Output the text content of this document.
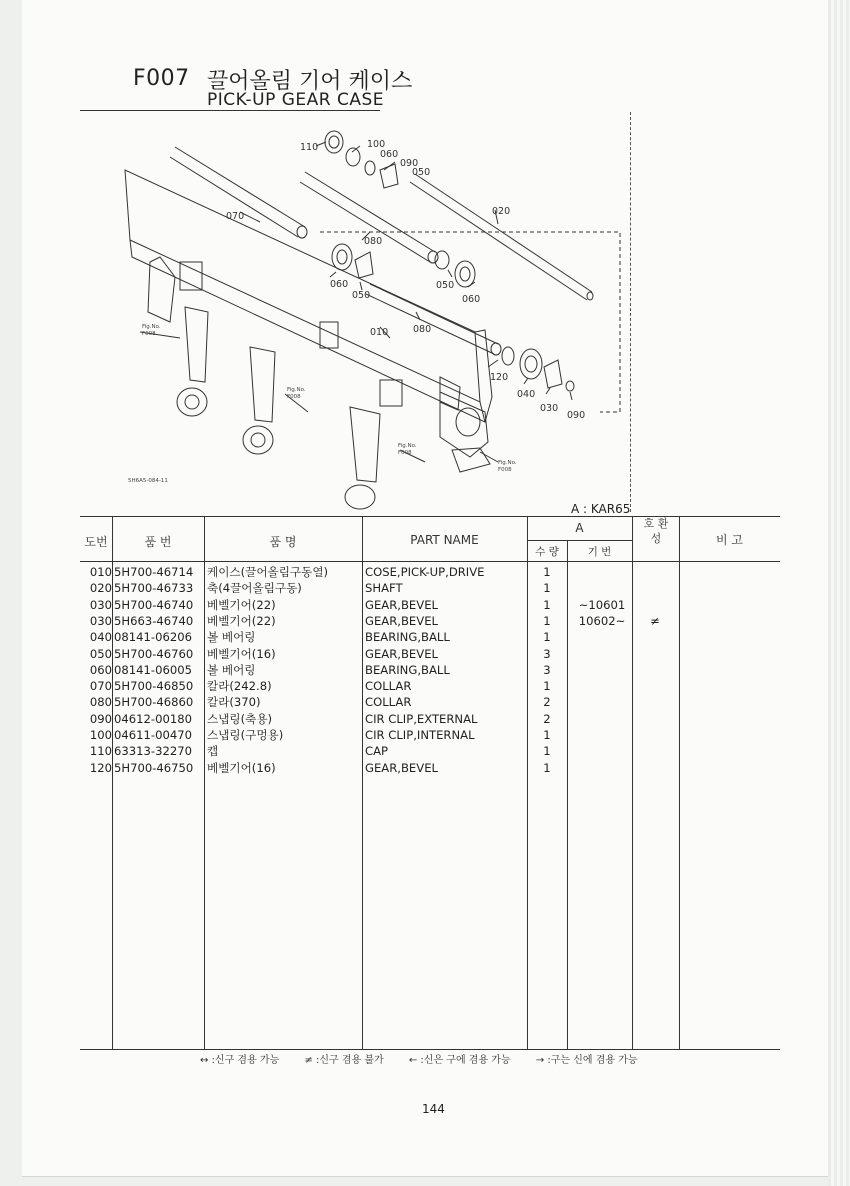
F007 끌어올림 기어 케이스
PICK-UP GEAR CASE
110	100
060
090
050
020
070
080
060
050
050
060
010	080
120
040
030
090
Fig.No.
F008
Fig.No.
F008
Fig.No.
F008
Fig.No.
F008
5H6A5-084-11
A : KAR65
도번	품 번	품 명	PART NAME
A
수 량	기 번
호 환 성	비 고
010 5H700-46714 케이스(끌어올림구동열)	COSE,PICK-UP,DRIVE	1
020 5H700-46733 축(4끌어올림구동)	SHAFT	1
030 5H700-46740 베벨기어(22)	GEAR,BEVEL	1	~10601
030 5H663-46740 베벨기어(22)	GEAR,BEVEL	1	10602~	≠
040 08141-06206 볼 베어링	BEARING,BALL	1
050 5H700-46760 베벨기어(16)	GEAR,BEVEL	3
060 08141-06005 볼 베어링	BEARING,BALL	3
070 5H700-46850 칼라(242.8)	COLLAR	1
080 5H700-46860 칼라(370)	COLLAR	2
090 04612-00180 스냅링(축용)	CIR CLIP,EXTERNAL	2
100 04611-00470 스냅링(구멍용)	CIR CLIP,INTERNAL	1
110 63313-32270 캡	CAP	1
120 5H700-46750 베벨기어(16)	GEAR,BEVEL	1
↔ :신구 겸용 가능	≠ :신구 겸용 불가	← :신은 구에 겸용 가능	→ :구는 신에 겸용 가능
144
